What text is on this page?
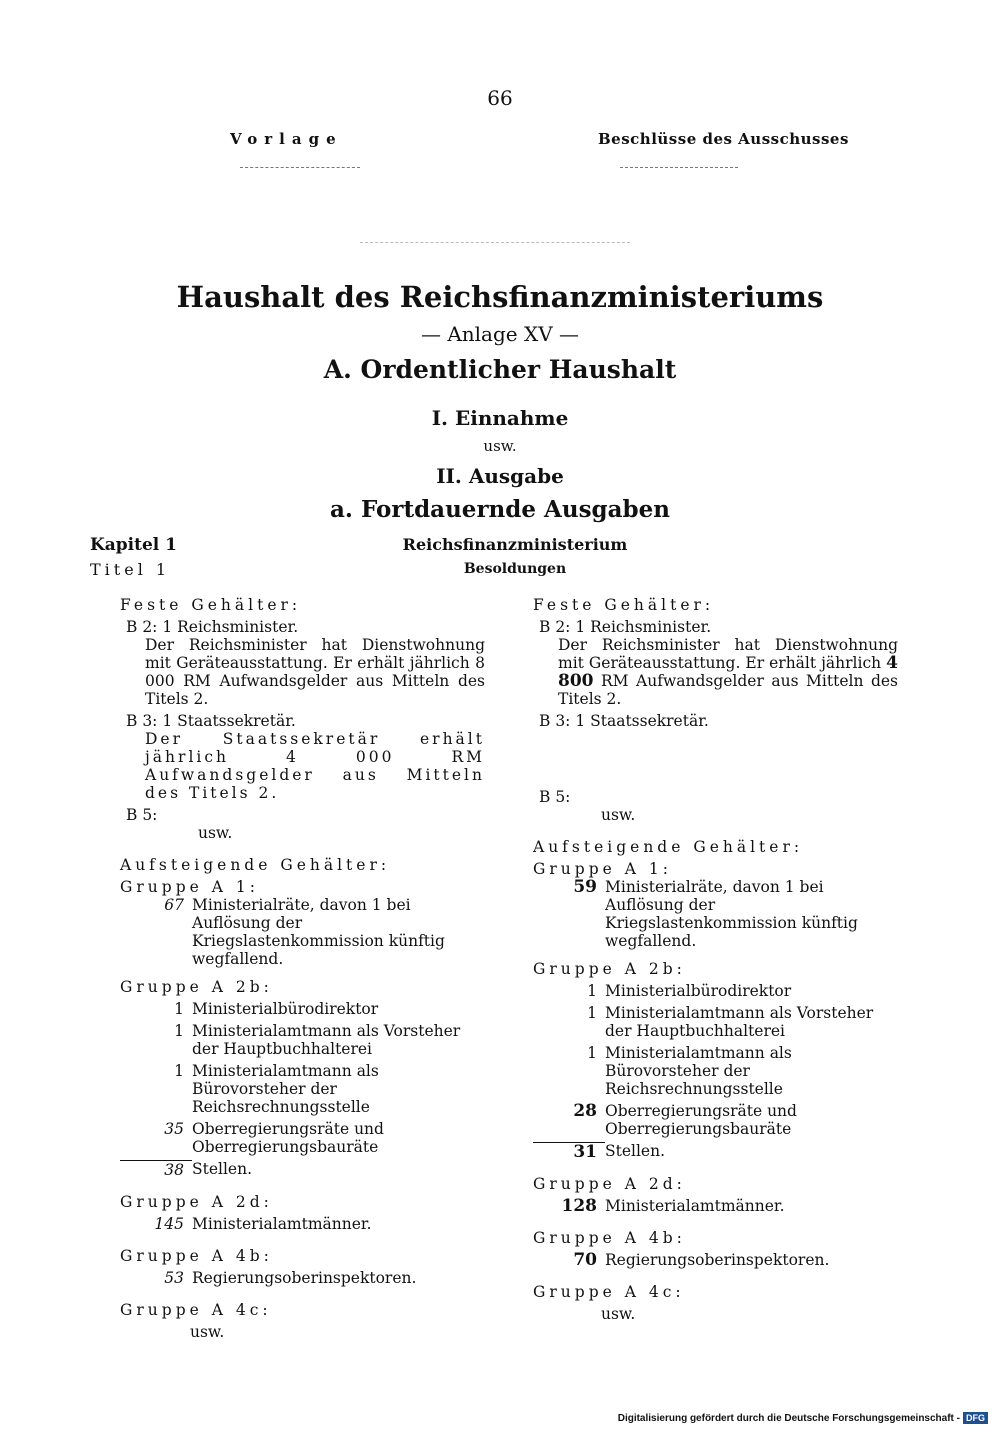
66
Vorlage	Beschlüsse des Ausschusses
Haushalt des Reichsfinanzministeriums
— Anlage XV —
A. Ordentlicher Haushalt
I. Einnahme
usw.
II. Ausgabe
a. Fortdauernde Ausgaben
Kapitel 1	Reichsfinanzministerium
Titel 1	Besoldungen
Feste Gehälter:
B 2: 1 Reichsminister.
Der Reichsminister hat Dienstwohnung mit Geräteausstattung. Er erhält jährlich 8 000 RM Aufwandsgelder aus Mitteln des Titels 2.
B 3: 1 Staatssekretär.
Der Staatssekretär erhält jährlich 4 000 RM Aufwandsgelder aus Mitteln des Titels 2.
B 5:
usw.
Aufsteigende Gehälter:
Gruppe A 1:
67 Ministerialräte, davon 1 bei Auflösung der Kriegslastenkommission künftig wegfallend.
Gruppe A 2b:
1 Ministerialbürodirektor
1 Ministerialamtmann als Vorsteher der Hauptbuchhalterei
1 Ministerialamtmann als Bürovorsteher der Reichsrechnungsstelle
35 Oberregierungsräte und Oberregierungsbauräte
38 Stellen.
Gruppe A 2d:
145 Ministerialamtmänner.
Gruppe A 4b:
53 Regierungsoberinspektoren.
Gruppe A 4c:
usw.
Feste Gehälter:
B 2: 1 Reichsminister.
Der Reichsminister hat Dienstwohnung mit Geräteausstattung. Er erhält jährlich 4 800 RM Aufwandsgelder aus Mitteln des Titels 2.
B 3: 1 Staatssekretär.
B 5:
usw.
Aufsteigende Gehälter:
Gruppe A 1:
59 Ministerialräte, davon 1 bei Auflösung der Kriegslastenkommission künftig wegfallend.
Gruppe A 2b:
1 Ministerialbürodirektor
1 Ministerialamtmann als Vorsteher der Hauptbuchhalterei
1 Ministerialamtmann als Bürovorsteher der Reichsrechnungsstelle
28 Oberregierungsräte und Oberregierungsbauräte
31 Stellen.
Gruppe A 2d:
128 Ministerialamtmänner.
Gruppe A 4b:
70 Regierungsoberinspektoren.
Gruppe A 4c:
usw.
Digitalisierung gefördert durch die Deutsche Forschungsgemeinschaft - DFG
